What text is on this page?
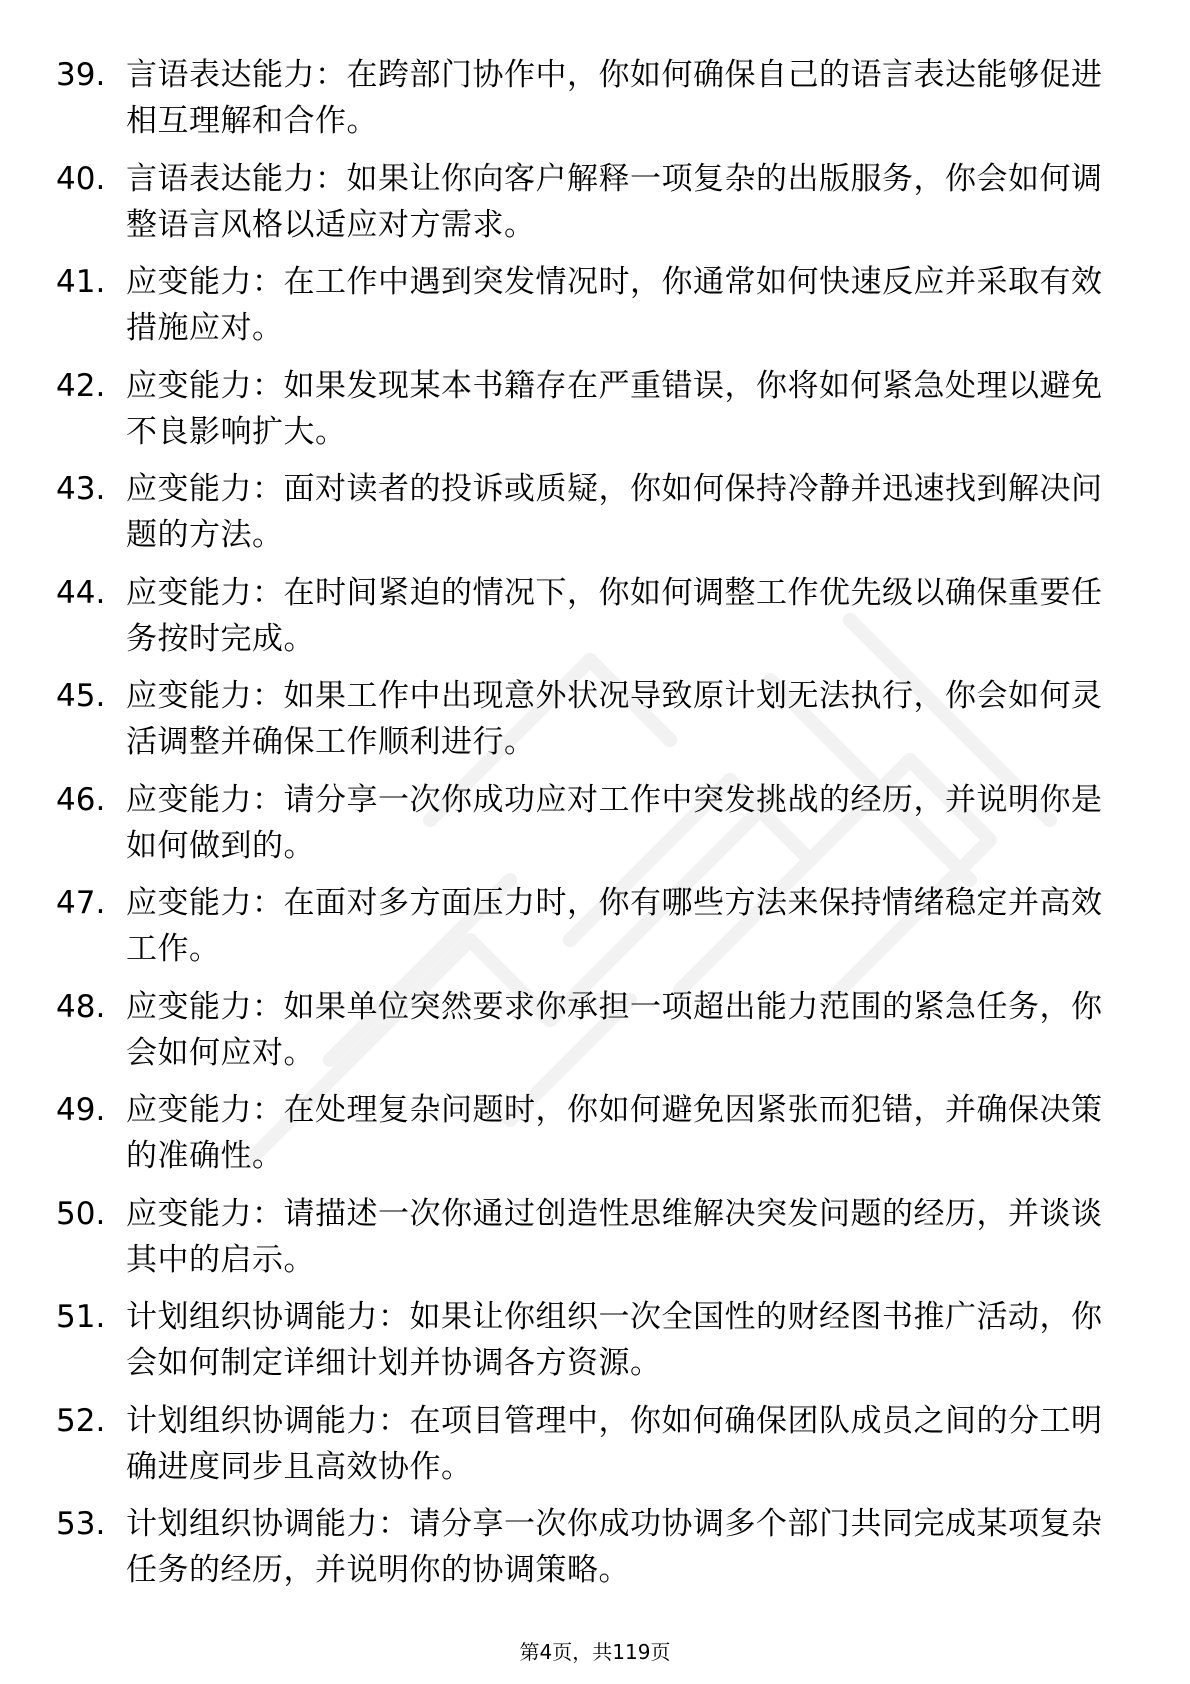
39. 言语表达能力：在跨部门协作中，你如何确保自己的语言表达能够促进相互理解和合作。
40. 言语表达能力：如果让你向客户解释一项复杂的出版服务，你会如何调整语言风格以适应对方需求。
41. 应变能力：在工作中遇到突发情况时，你通常如何快速反应并采取有效措施应对。
42. 应变能力：如果发现某本书籍存在严重错误，你将如何紧急处理以避免不良影响扩大。
43. 应变能力：面对读者的投诉或质疑，你如何保持冷静并迅速找到解决问题的方法。
44. 应变能力：在时间紧迫的情况下，你如何调整工作优先级以确保重要任务按时完成。
45. 应变能力：如果工作中出现意外状况导致原计划无法执行，你会如何灵活调整并确保工作顺利进行。
46. 应变能力：请分享一次你成功应对工作中突发挑战的经历，并说明你是如何做到的。
47. 应变能力：在面对多方面压力时，你有哪些方法来保持情绪稳定并高效工作。
48. 应变能力：如果单位突然要求你承担一项超出能力范围的紧急任务，你会如何应对。
49. 应变能力：在处理复杂问题时，你如何避免因紧张而犯错，并确保决策的准确性。
50. 应变能力：请描述一次你通过创造性思维解决突发问题的经历，并谈谈其中的启示。
51. 计划组织协调能力：如果让你组织一次全国性的财经图书推广活动，你会如何制定详细计划并协调各方资源。
52. 计划组织协调能力：在项目管理中，你如何确保团队成员之间的分工明确进度同步且高效协作。
53. 计划组织协调能力：请分享一次你成功协调多个部门共同完成某项复杂任务的经历，并说明你的协调策略。
第4页，共119页
